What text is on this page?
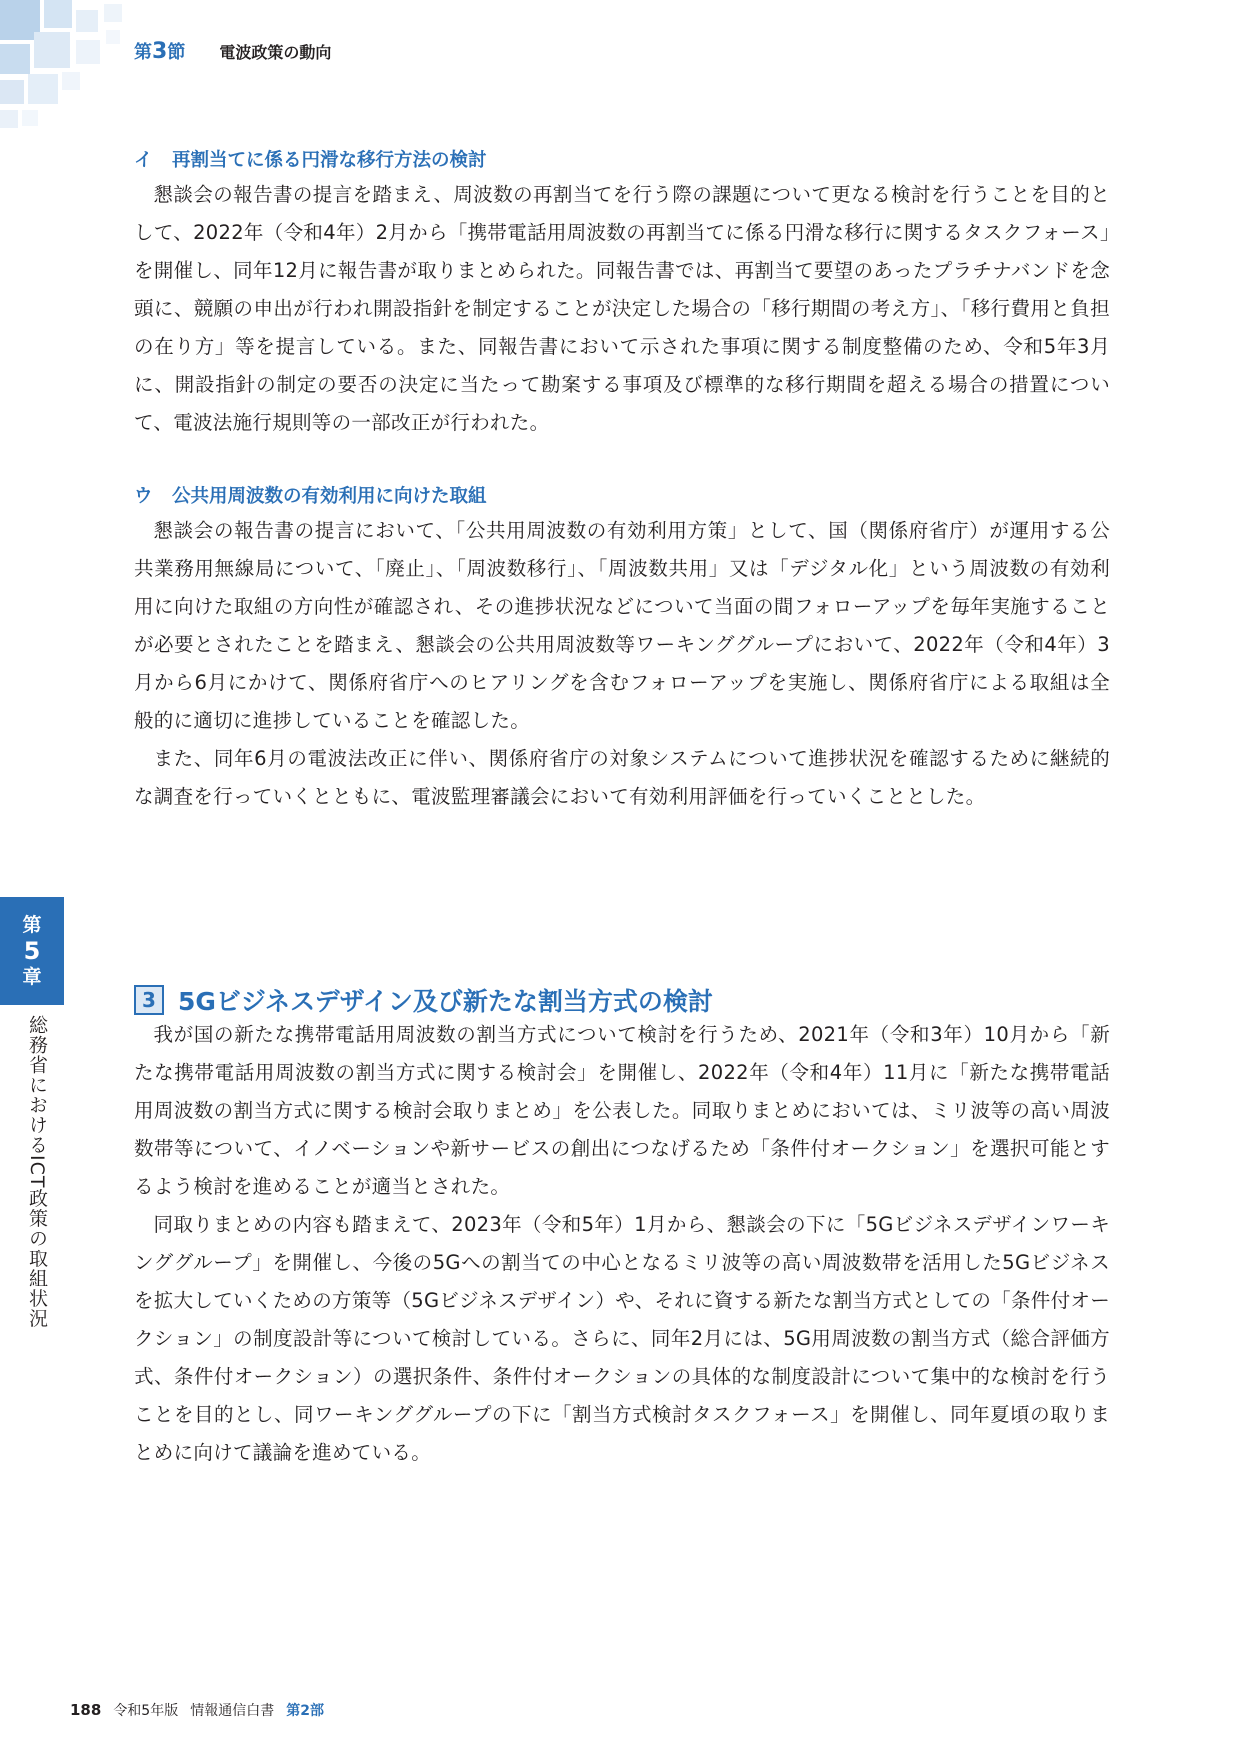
第3節 電波政策の動向
イ 再割当てに係る円滑な移行方法の検討

懇談会の報告書の提言を踏まえ、周波数の再割当てを行う際の課題について更なる検討を行うことを目的として、2022年（令和4年）2月から「携帯電話用周波数の再割当てに係る円滑な移行に関するタスクフォース」を開催し、同年12月に報告書が取りまとめられた。同報告書では、再割当て要望のあったプラチナバンドを念頭に、競願の申出が行われ開設指針を制定することが決定した場合の「移行期間の考え方」、「移行費用と負担の在り方」等を提言している。また、同報告書において示された事項に関する制度整備のため、令和5年3月に、開設指針の制定の要否の決定に当たって勘案する事項及び標準的な移行期間を超える場合の措置について、電波法施行規則等の一部改正が行われた。

ウ 公共用周波数の有効利用に向けた取組

懇談会の報告書の提言において、「公共用周波数の有効利用方策」として、国（関係府省庁）が運用する公共業務用無線局について、「廃止」、「周波数移行」、「周波数共用」又は「デジタル化」という周波数の有効利用に向けた取組の方向性が確認され、その進捗状況などについて当面の間フォローアップを毎年実施することが必要とされたことを踏まえ、懇談会の公共用周波数等ワーキンググループにおいて、2022年（令和4年）3月から6月にかけて、関係府省庁へのヒアリングを含むフォローアップを実施し、関係府省庁による取組は全般的に適切に進捗していることを確認した。

また、同年6月の電波法改正に伴い、関係府省庁の対象システムについて進捗状況を確認するために継続的な調査を行っていくとともに、電波監理審議会において有効利用評価を行っていくこととした。

3 5Gビジネスデザイン及び新たな割当方式の検討

我が国の新たな携帯電話用周波数の割当方式について検討を行うため、2021年（令和3年）10月から「新たな携帯電話用周波数の割当方式に関する検討会」を開催し、2022年（令和4年）11月に「新たな携帯電話用周波数の割当方式に関する検討会取りまとめ」を公表した。同取りまとめにおいては、ミリ波等の高い周波数帯等について、イノベーションや新サービスの創出につなげるため「条件付オークション」を選択可能とするよう検討を進めることが適当とされた。

同取りまとめの内容も踏まえて、2023年（令和5年）1月から、懇談会の下に「5Gビジネスデザインワーキンググループ」を開催し、今後の5Gへの割当ての中心となるミリ波等の高い周波数帯を活用した5Gビジネスを拡大していくための方策等（5Gビジネスデザイン）や、それに資する新たな割当方式としての「条件付オークション」の制度設計等について検討している。さらに、同年2月には、5G用周波数の割当方式（総合評価方式、条件付オークション）の選択条件、条件付オークションの具体的な制度設計について集中的な検討を行うことを目的とし、同ワーキンググループの下に「割当方式検討タスクフォース」を開催し、同年夏頃の取りまとめに向けて議論を進めている。

第
5
章
総務省におけるICT政策の取組状況
188 令和5年版 情報通信白書 第2部
